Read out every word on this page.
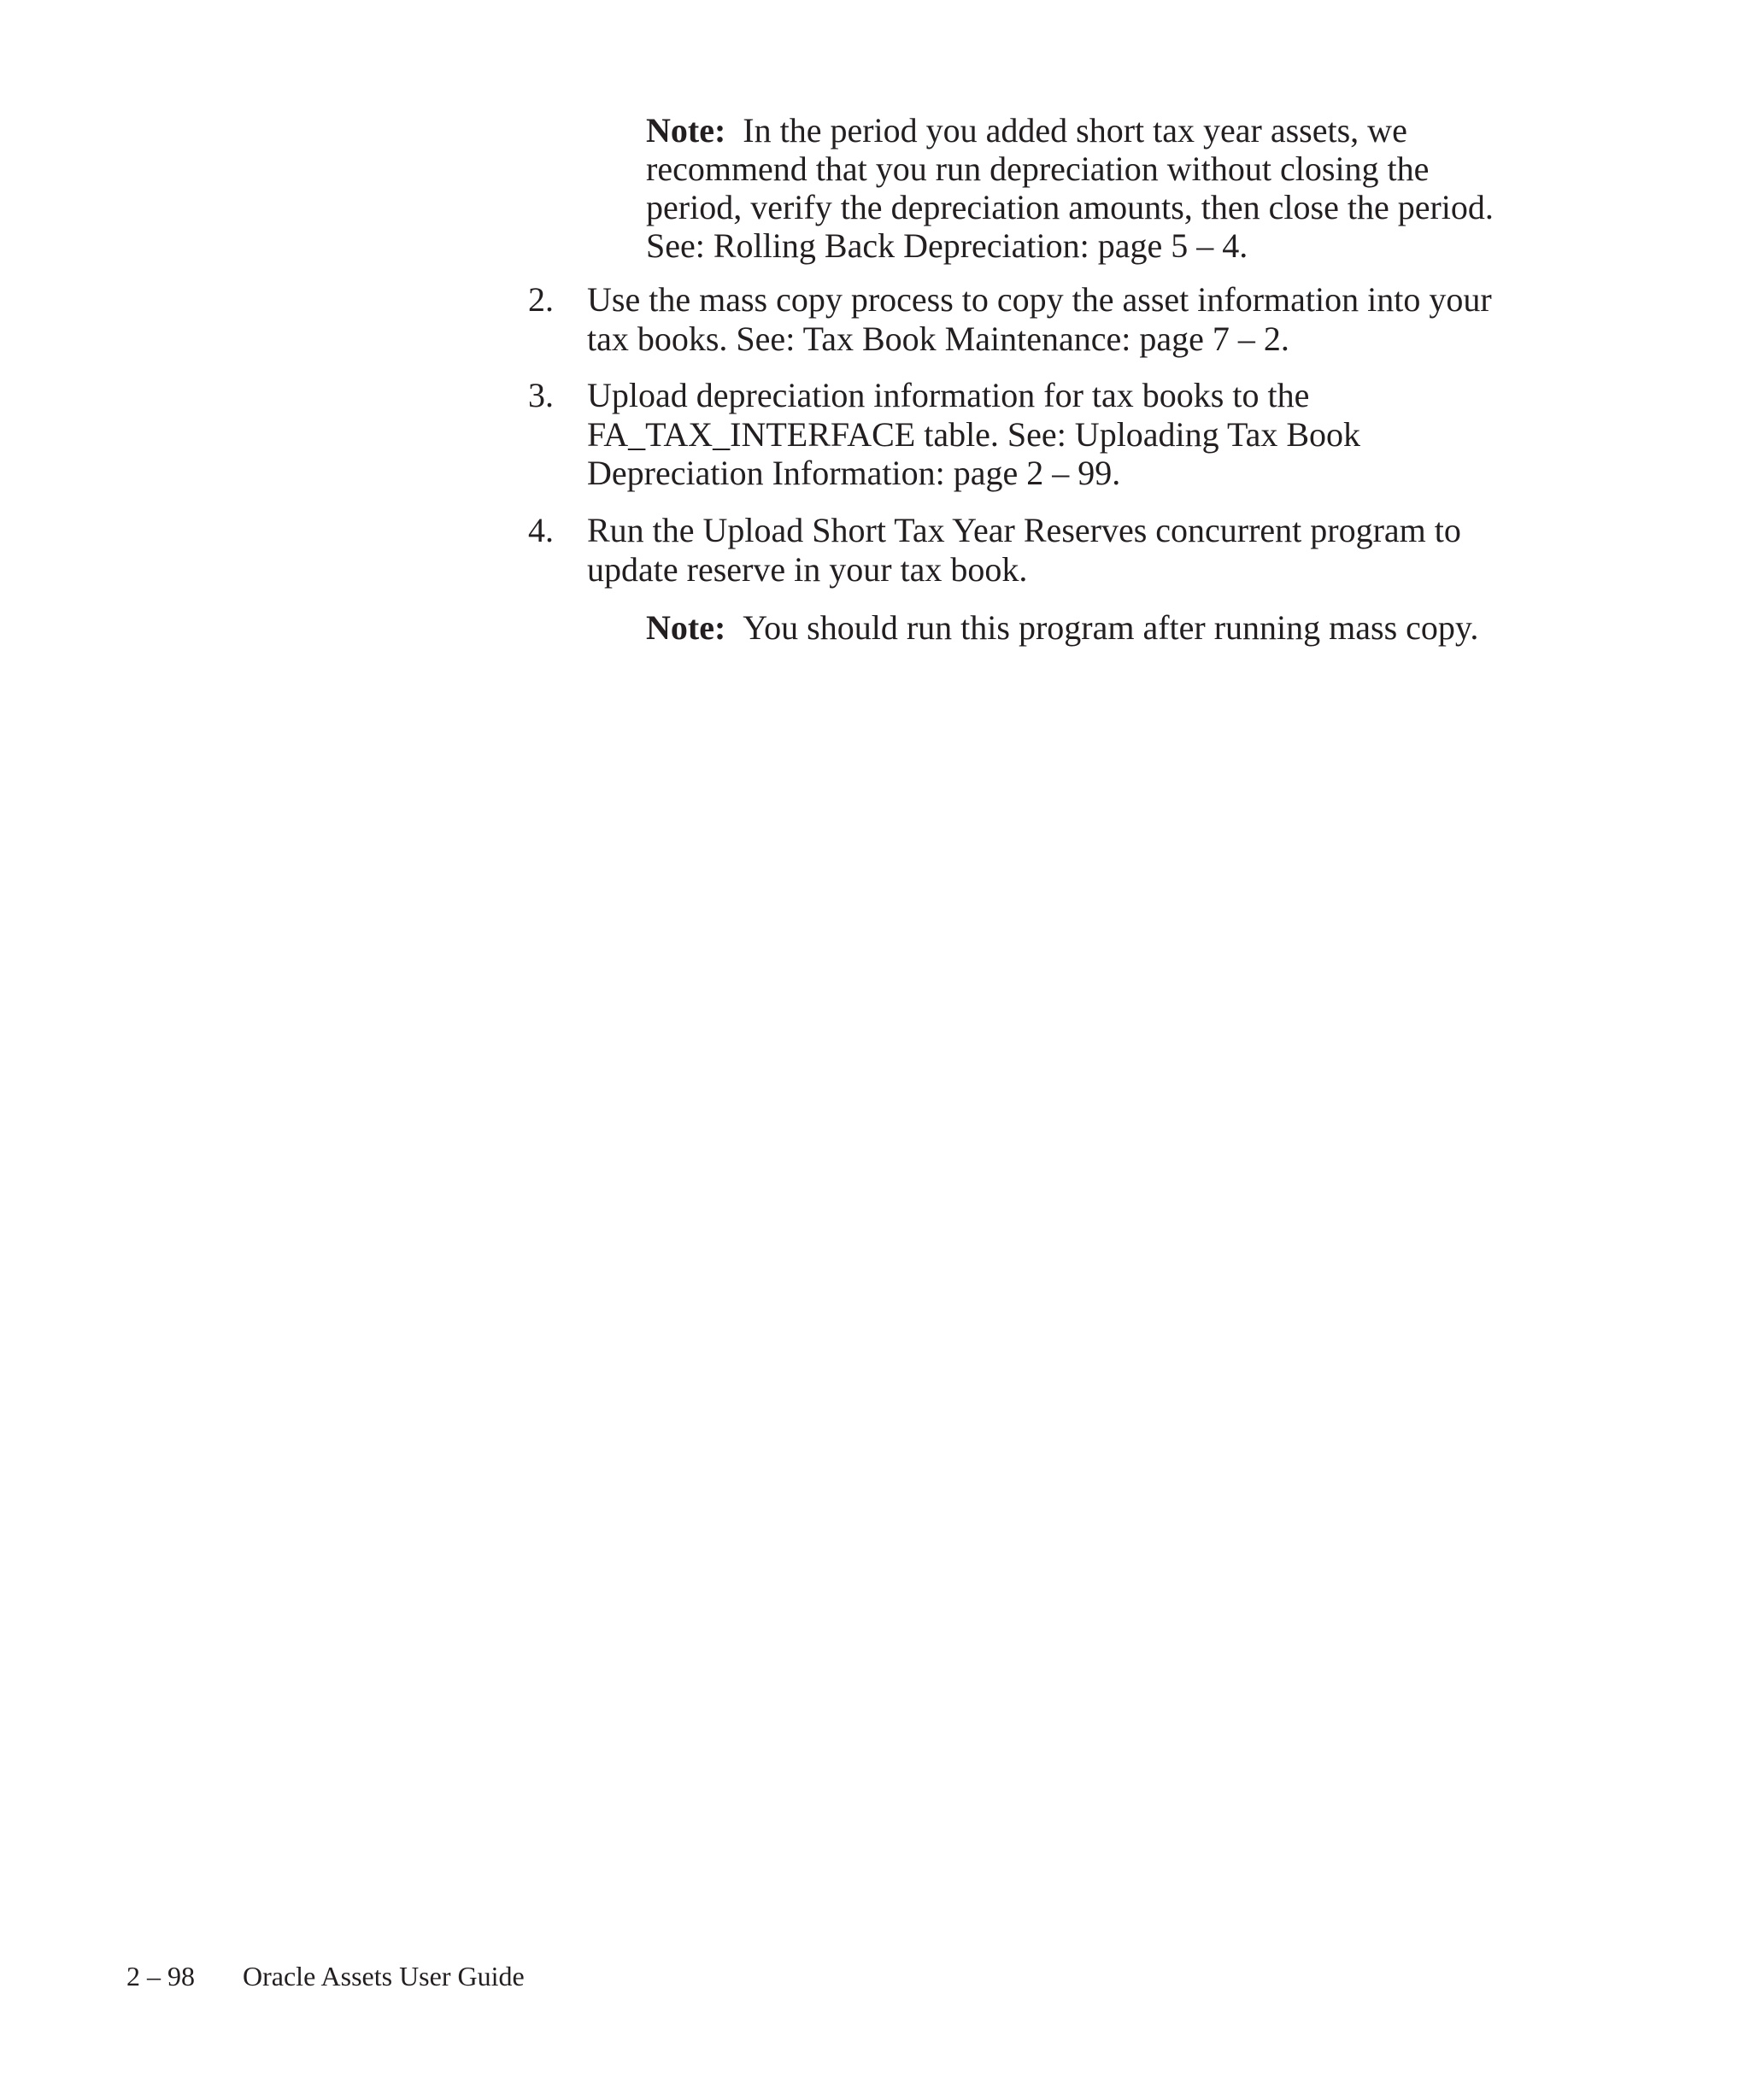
Note: In the period you added short tax year assets, we
recommend that you run depreciation without closing the
period, verify the depreciation amounts, then close the period.
See: Rolling Back Depreciation: page 5 – 4.
2. Use the mass copy process to copy the asset information into your
tax books. See: Tax Book Maintenance: page 7 – 2.
3. Upload depreciation information for tax books to the
FA_TAX_INTERFACE table. See: Uploading Tax Book
Depreciation Information: page 2 – 99.
4. Run the Upload Short Tax Year Reserves concurrent program to
update reserve in your tax book.
Note: You should run this program after running mass copy.
2 – 98 Oracle Assets User Guide
